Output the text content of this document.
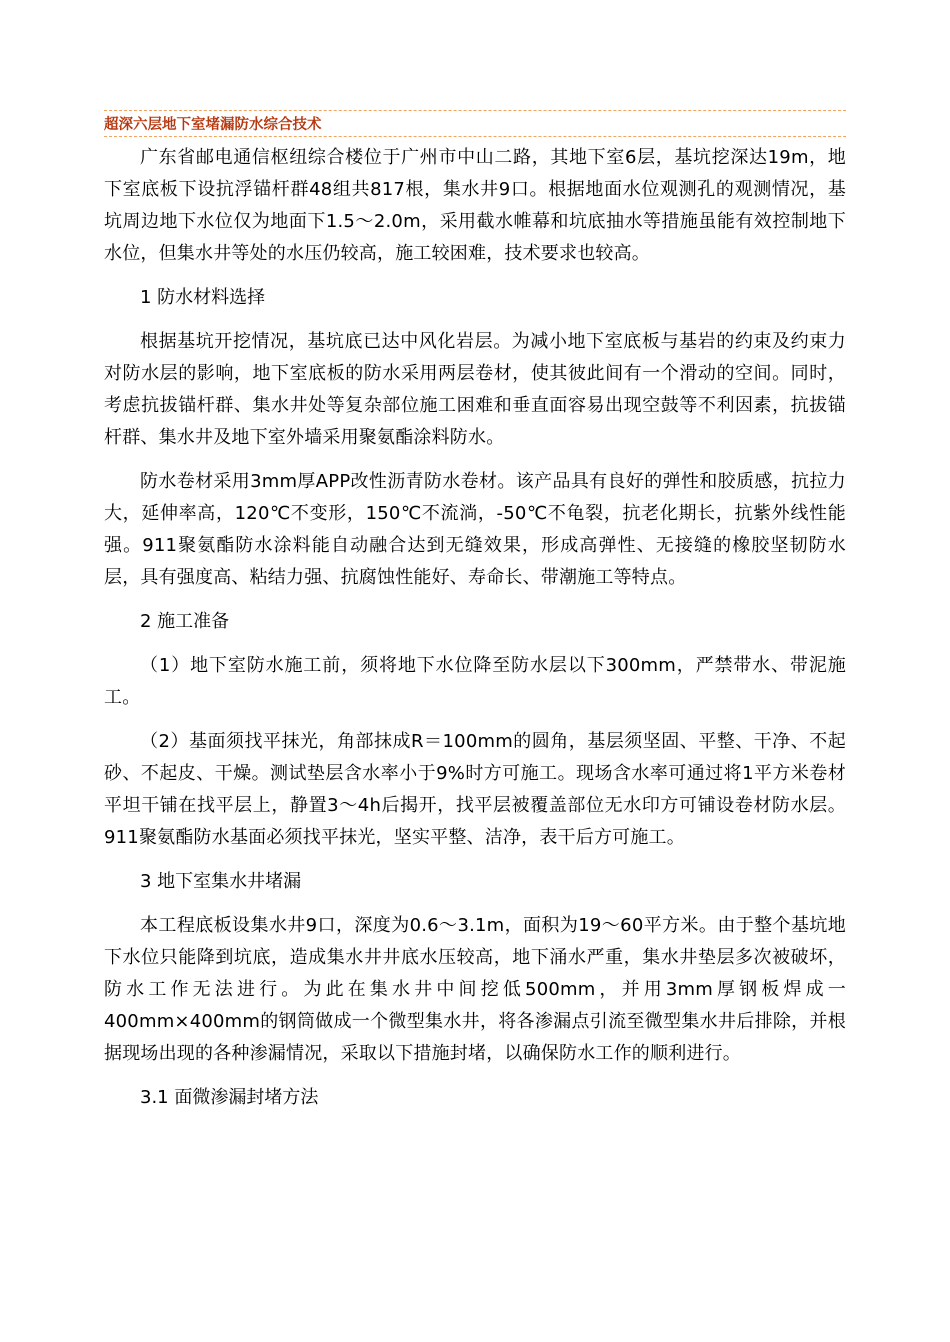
超深六层地下室堵漏防水综合技术

广东省邮电通信枢纽综合楼位于广州市中山二路，其地下室6层，基坑挖深达19m，地下室底板下设抗浮锚杆群48组共817根，集水井9口。根据地面水位观测孔的观测情况，基坑周边地下水位仅为地面下1.5～2.0m，采用截水帷幕和坑底抽水等措施虽能有效控制地下水位，但集水井等处的水压仍较高，施工较困难，技术要求也较高。

1 防水材料选择

根据基坑开挖情况，基坑底已达中风化岩层。为减小地下室底板与基岩的约束及约束力对防水层的影响，地下室底板的防水采用两层卷材，使其彼此间有一个滑动的空间。同时，考虑抗拔锚杆群、集水井处等复杂部位施工困难和垂直面容易出现空鼓等不利因素，抗拔锚杆群、集水井及地下室外墙采用聚氨酯涂料防水。

防水卷材采用3mm厚APP改性沥青防水卷材。该产品具有良好的弹性和胶质感，抗拉力大，延伸率高，120℃不变形，150℃不流淌，-50℃不龟裂，抗老化期长，抗紫外线性能强。911聚氨酯防水涂料能自动融合达到无缝效果，形成高弹性、无接缝的橡胶坚韧防水层，具有强度高、粘结力强、抗腐蚀性能好、寿命长、带潮施工等特点。

2 施工准备

（1）地下室防水施工前，须将地下水位降至防水层以下300mm，严禁带水、带泥施工。

（2）基面须找平抹光，角部抹成R＝100mm的圆角，基层须坚固、平整、干净、不起砂、不起皮、干燥。测试垫层含水率小于9%时方可施工。现场含水率可通过将1平方米卷材平坦干铺在找平层上，静置3～4h后揭开，找平层被覆盖部位无水印方可铺设卷材防水层。911聚氨酯防水基面必须找平抹光，坚实平整、洁净，表干后方可施工。

3 地下室集水井堵漏

本工程底板设集水井9口，深度为0.6～3.1m，面积为19～60平方米。由于整个基坑地下水位只能降到坑底，造成集水井井底水压较高，地下涌水严重，集水井垫层多次被破坏，防水工作无法进行。为此在集水井中间挖低500mm，并用3mm厚钢板焊成一400mm×400mm的钢筒做成一个微型集水井，将各渗漏点引流至微型集水井后排除，并根据现场出现的各种渗漏情况，采取以下措施封堵，以确保防水工作的顺利进行。

3.1 面微渗漏封堵方法
